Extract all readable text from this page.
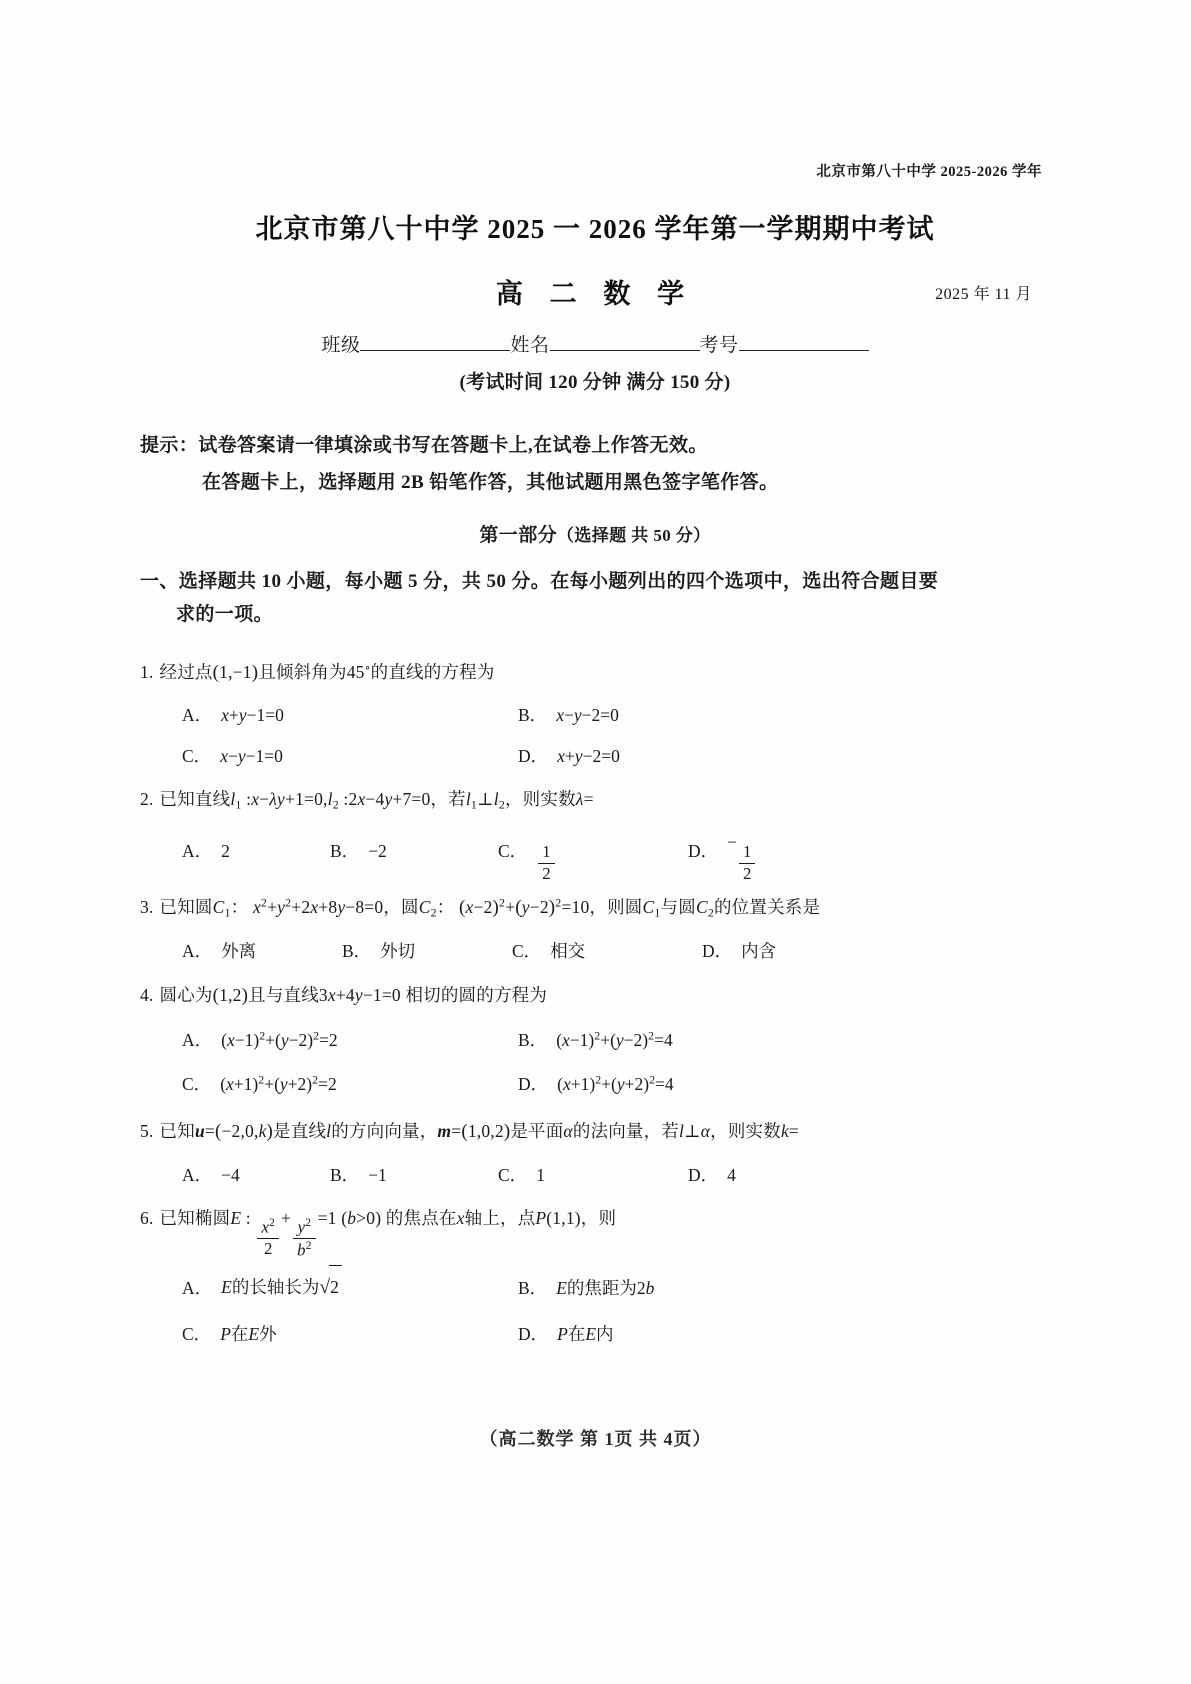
北京市第八十中学 2025-2026 学年
北京市第八十中学 2025 一 2026 学年第一学期期中考试
高 二 数 学	2025 年 11 月
班级	姓名	考号
(考试时间 120 分钟 满分 150 分)
提示：试卷答案请一律填涂或书写在答题卡上,在试卷上作答无效。
在答题卡上，选择题用 2B 铅笔作答，其他试题用黑色签字笔作答。
第一部分（选择题 共 50 分）
一、选择题共 10 小题，每小题 5 分，共 50 分。在每小题列出的四个选项中，选出符合题目要
求的一项。
1. 经过点(1,−1)且倾斜角为45∘的直线的方程为
A． x+y−1=0	B． x−y−2=0
C． x−y−1=0	D． x+y−2=0
2. 已知直线$l_1$ $:x-\lambda y+1=0,l_2$ :2x−4y+7=0，若$l_1\perp l_2$，则实数λ=
A． 2	B． −2	C． $\frac{1}{2}$	D． −
$\frac{1}{2}$
3. 已知圆$C_1$： $x^2+y^2+2x+8y-8=0$，圆$C_2$： $(x-2)^2+(y-2)^2=10$，则圆$C_1$与圆$C_2$的位置关系是
A． 外离	B． 外切	C． 相交	D． 内含
4. 圆心为(1,2)且与直线3x+4y−1=0 相切的圆的方程为
A． $(x-1)^2+(y-2)^2=2$	B． $(x-1)^2+(y-2)^2=4$
C． $(x+1)^2+(y+2)^2=2$	D． $(x+1)^2+(y+2)^2=4$
5. 已知u=(−2,0,k)是直线l的方向向量，m=(1,0,2)是平面α的法向量，若l⊥α，则实数k=
A． −4	B． −1	C． 1	D． 4
6. 已知椭圆E : $\frac{x^2}{2} + \frac{y^2}{b^2} =1$ (b>0) 的焦点在x轴上，点P(1,1)，则
A． E的长轴长为√2	B． E的焦距为2b
C． P在E外	D． P在E内
（高二数学 第 1页 共 4页）
